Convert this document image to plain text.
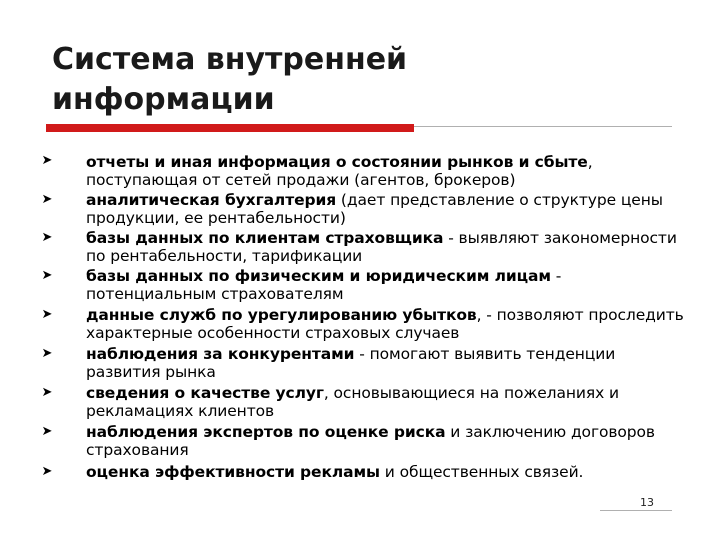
Система внутренней
информации
➤ отчеты и иная информация о состоянии рынков и сбыте, поступающая от сетей продажи (агентов, брокеров)
➤ аналитическая бухгалтерия (дает представление о структуре цены продукции, ее рентабельности)
➤ базы данных по клиентам страховщика - выявляют закономерности по рентабельности, тарификации
➤ базы данных по физическим и юридическим лицам - потенциальным страхователям
➤ данные служб по урегулированию убытков, - позволяют проследить характерные особенности страховых случаев
➤ наблюдения за конкурентами - помогают выявить тенденции развития рынка
➤ сведения о качестве услуг, основывающиеся на пожеланиях и рекламациях клиентов
➤ наблюдения экспертов по оценке риска и заключению договоров страхования
➤ оценка эффективности рекламы и общественных связей.
13
